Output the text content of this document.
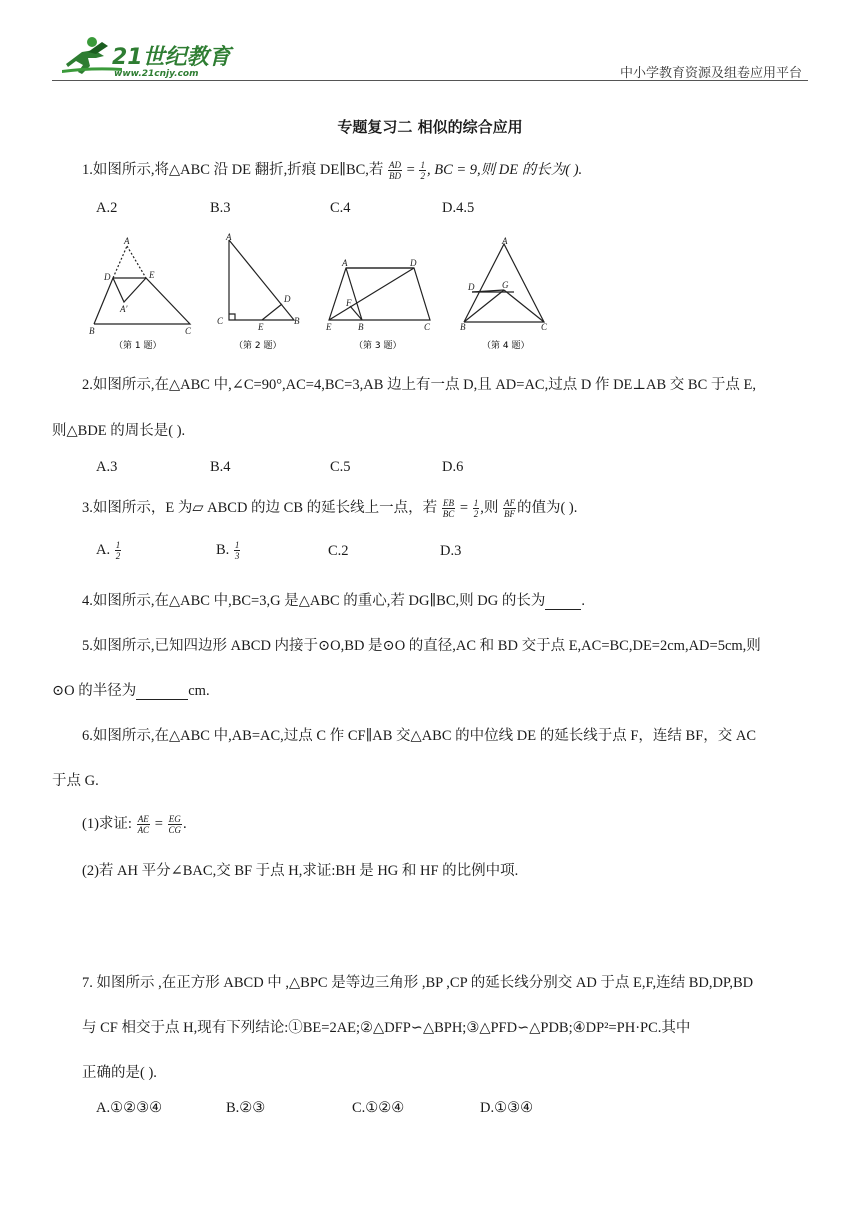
21世纪教育
www.21cnjy.com	中小学教育资源及组卷应用平台
专题复习二 相似的综合应用
1.如图所示,将△ABC 沿 DE 翻折,折痕 DE∥BC,若 $\frac{AD}{BD} = \frac{1}{2}$ , BC = 9,则 DE 的长为( ).
A.2	B.3	C.4	D.4.5
A
D	E
A′
B	C
A
D
C
E
B
A	D
F
E	B	C
A
D	G
B	C
（第 1 题）	（第 2 题）	（第 3 题）	（第 4 题）
2.如图所示,在△ABC 中,∠C=90°,AC=4,BC=3,AB 边上有一点 D,且 AD=AC,过点 D 作 DE⊥AB 交 BC 于点 E,
则△BDE 的周长是( ).
A.3	B.4	C.5	D.6
3.如图所示，E 为▱ ABCD 的边 CB 的延长线上一点，若 $\frac{EB}{BC} = \frac{1}{2}$ ,则 $\frac{AF}{BF}$ 的值为( ).
A. $\frac{1}{2}$	B. $\frac{1}{3}$	C.2	D.3
4.如图所示,在△ABC 中,BC=3,G 是△ABC 的重心,若 DG∥BC,则 DG 的长为 .
5.如图所示,已知四边形 ABCD 内接于⊙O,BD 是⊙O 的直径,AC 和 BD 交于点 E,AC=BC,DE=2cm,AD=5cm,则
⊙O 的半径为	cm.
6.如图所示,在△ABC 中,AB=AC,过点 C 作 CF∥AB 交△ABC 的中位线 DE 的延长线于点 F，连结 BF，交 AC
于点 G.
(1)求证: $\frac{AE}{AC} = \frac{EG}{CG}$ .
(2)若 AH 平分∠BAC,交 BF 于点 H,求证:BH 是 HG 和 HF 的比例中项.
7. 如图所示 ,在正方形 ABCD 中 ,△BPC 是等边三角形 ,BP ,CP 的延长线分别交 AD 于点 E,F,连结 BD,DP,BD
与 CF 相交于点 H,现有下列结论:①BE=2AE;②△DFP∽△BPH;③△PFD∽△PDB;④DP²=PH·PC.其中
正确的是( ).
A.①②③④	B.②③	C.①②④	D.①③④
